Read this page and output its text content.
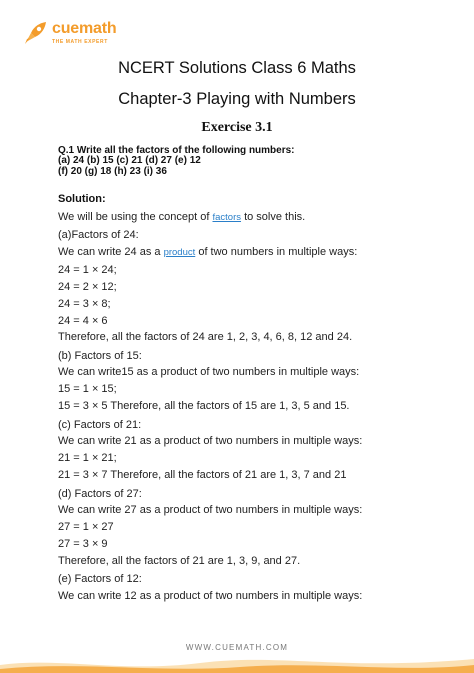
cuemath
THE MATH EXPERT
NCERT Solutions Class 6 Maths
Chapter-3 Playing with Numbers
Exercise 3.1
Q.1 Write all the factors of the following numbers:
(a) 24 (b) 15 (c) 21 (d) 27 (e) 12
(f) 20 (g) 18 (h) 23 (i) 36
Solution:
We will be using the concept of factors to solve this.
(a)Factors of 24:
We can write 24 as a product of two numbers in multiple ways:
24 = 1 × 24;
24 = 2 × 12;
24 = 3 × 8;
24 = 4 × 6
Therefore, all the factors of 24 are 1, 2, 3, 4, 6, 8, 12 and 24.
(b) Factors of 15:
We can write15 as a product of two numbers in multiple ways:
15 = 1 × 15;
15 = 3 × 5 Therefore, all the factors of 15 are 1, 3, 5 and 15.
(c) Factors of 21:
We can write 21 as a product of two numbers in multiple ways:
21 = 1 × 21;
21 = 3 × 7 Therefore, all the factors of 21 are 1, 3, 7 and 21
(d) Factors of 27:
We can write 27 as a product of two numbers in multiple ways:
27 = 1 × 27
27 = 3 × 9
Therefore, all the factors of 21 are 1, 3, 9, and 27.
(e) Factors of 12:
We can write 12 as a product of two numbers in multiple ways:
WWW.CUEMATH.COM
